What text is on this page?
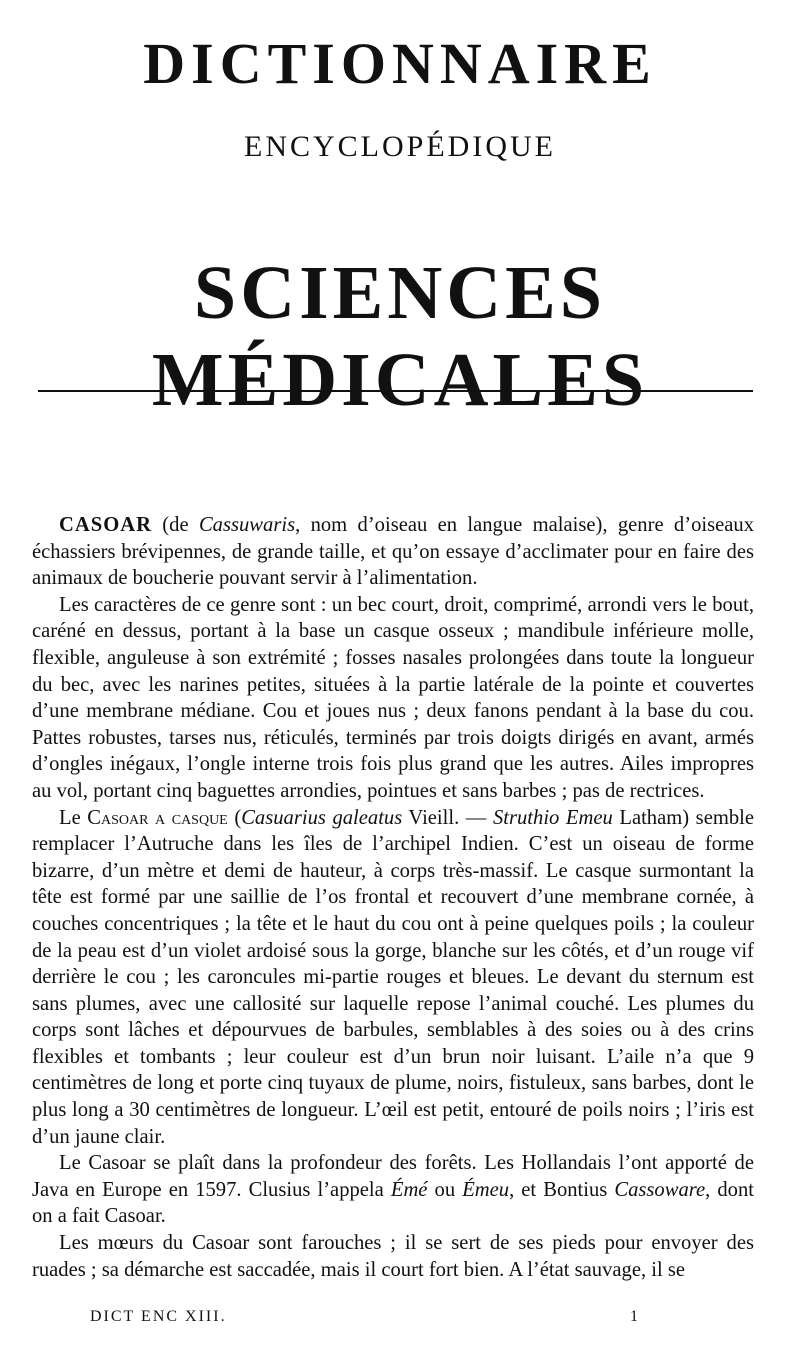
DICTIONNAIRE
ENCYCLOPÉDIQUE
SCIENCES MÉDICALES

CASOAR (de Cassuwaris, nom d’oiseau en langue malaise), genre d’oiseaux échassiers brévipennes, de grande taille, et qu’on essaye d’acclimater pour en faire des animaux de boucherie pouvant servir à l’alimentation.

Les caractères de ce genre sont : un bec court, droit, comprimé, arrondi vers le bout, caréné en dessus, portant à la base un casque osseux ; mandibule inférieure molle, flexible, anguleuse à son extrémité ; fosses nasales prolongées dans toute la longueur du bec, avec les narines petites, situées à la partie latérale de la pointe et couvertes d’une membrane médiane. Cou et joues nus ; deux fanons pendant à la base du cou. Pattes robustes, tarses nus, réticulés, terminés par trois doigts dirigés en avant, armés d’ongles inégaux, l’ongle interne trois fois plus grand que les autres. Ailes impropres au vol, portant cinq baguettes arrondies, pointues et sans barbes ; pas de rectrices.

Le Casoar a casque (Casuarius galeatus Vieill. — Struthio Emeu Latham) semble remplacer l’Autruche dans les îles de l’archipel Indien. C’est un oiseau de forme bizarre, d’un mètre et demi de hauteur, à corps très-massif. Le casque surmontant la tête est formé par une saillie de l’os frontal et recouvert d’une membrane cornée, à couches concentriques ; la tête et le haut du cou ont à peine quelques poils ; la couleur de la peau est d’un violet ardoisé sous la gorge, blanche sur les côtés, et d’un rouge vif derrière le cou ; les caroncules mi-partie rouges et bleues. Le devant du sternum est sans plumes, avec une callosité sur laquelle repose l’animal couché. Les plumes du corps sont lâches et dépourvues de barbules, semblables à des soies ou à des crins flexibles et tombants ; leur couleur est d’un brun noir luisant. L’aile n’a que 9 centimètres de long et porte cinq tuyaux de plume, noirs, fistuleux, sans barbes, dont le plus long a 30 centimètres de longueur. L’œil est petit, entouré de poils noirs ; l’iris est d’un jaune clair.

Le Casoar se plaît dans la profondeur des forêts. Les Hollandais l’ont apporté de Java en Europe en 1597. Clusius l’appela Émé ou Émeu, et Bontius Cassoware, dont on a fait Casoar.

Les mœurs du Casoar sont farouches ; il se sert de ses pieds pour envoyer des ruades ; sa démarche est saccadée, mais il court fort bien. A l’état sauvage, il se

DICT ENC XIII.	1
